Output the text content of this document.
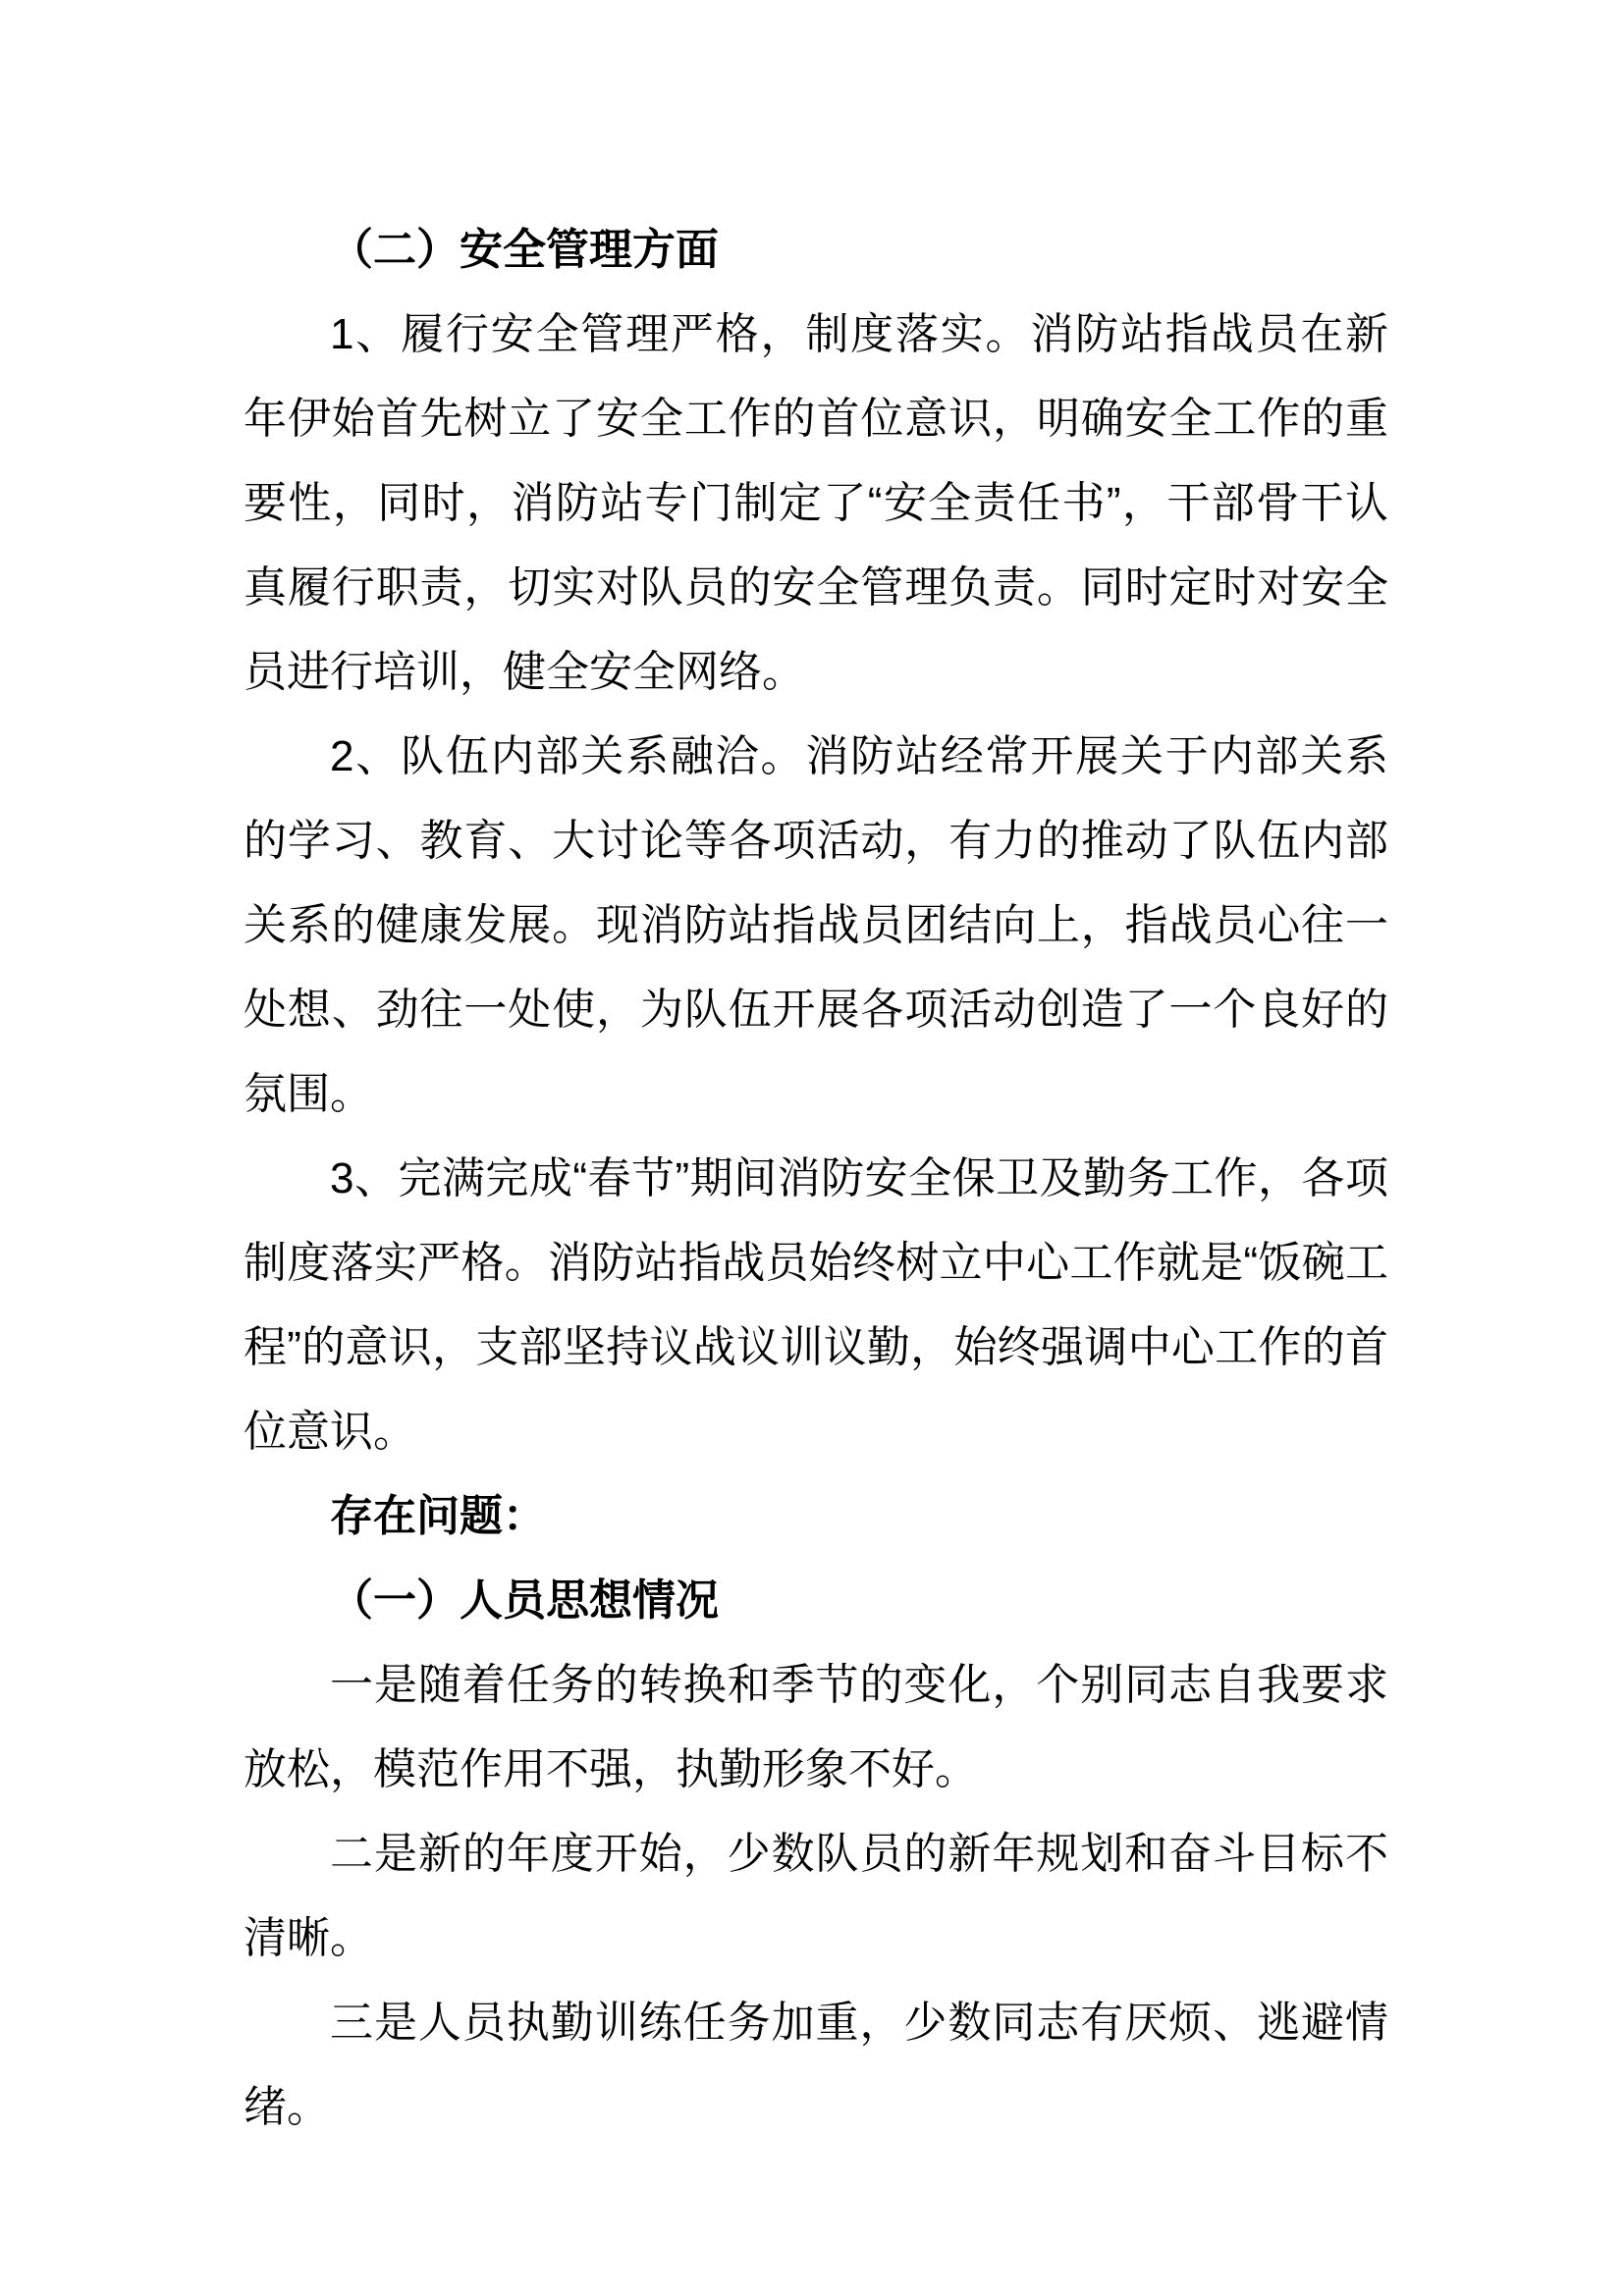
（二）安全管理方面

1、履行安全管理严格，制度落实。消防站指战员在新年伊始首先树立了安全工作的首位意识，明确安全工作的重要性，同时，消防站专门制定了“安全责任书”，干部骨干认真履行职责，切实对队员的安全管理负责。同时定时对安全员进行培训，健全安全网络。

2、队伍内部关系融洽。消防站经常开展关于内部关系的学习、教育、大讨论等各项活动，有力的推动了队伍内部关系的健康发展。现消防站指战员团结向上，指战员心往一处想、劲往一处使，为队伍开展各项活动创造了一个良好的氛围。

3、完满完成“春节”期间消防安全保卫及勤务工作，各项制度落实严格。消防站指战员始终树立中心工作就是“饭碗工程”的意识，支部坚持议战议训议勤，始终强调中心工作的首位意识。

存在问题：

（一）人员思想情况

一是随着任务的转换和季节的变化，个别同志自我要求放松，模范作用不强，执勤形象不好。

二是新的年度开始，少数队员的新年规划和奋斗目标不清晰。

三是人员执勤训练任务加重，少数同志有厌烦、逃避情绪。
